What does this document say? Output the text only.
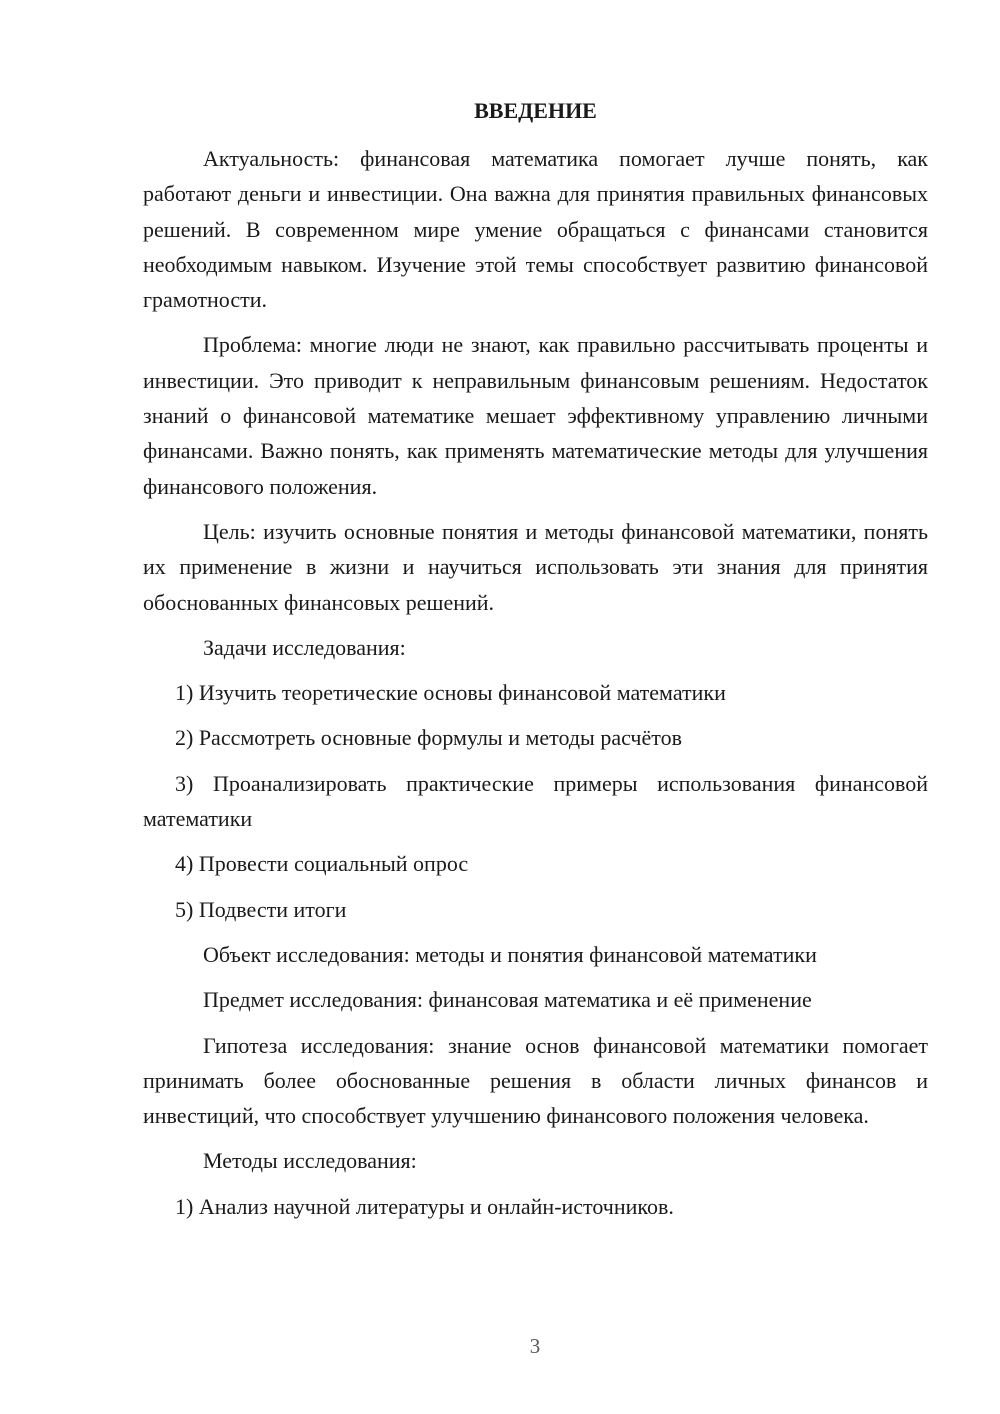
ВВЕДЕНИЕ

Актуальность: финансовая математика помогает лучше понять, как работают деньги и инвестиции. Она важна для принятия правильных финансовых решений. В современном мире умение обращаться с финансами становится необходимым навыком. Изучение этой темы способствует развитию финансовой грамотности.

Проблема: многие люди не знают, как правильно рассчитывать проценты и инвестиции. Это приводит к неправильным финансовым решениям. Недостаток знаний о финансовой математике мешает эффективному управлению личными финансами. Важно понять, как применять математические методы для улучшения финансового положения.

Цель: изучить основные понятия и методы финансовой математики, понять их применение в жизни и научиться использовать эти знания для принятия обоснованных финансовых решений.

Задачи исследования:

1) Изучить теоретические основы финансовой математики

2) Рассмотреть основные формулы и методы расчётов

3) Проанализировать практические примеры использования финансовой математики

4) Провести социальный опрос

5) Подвести итоги

Объект исследования: методы и понятия финансовой математики

Предмет исследования: финансовая математика и её применение

Гипотеза исследования: знание основ финансовой математики помогает принимать более обоснованные решения в области личных финансов и инвестиций, что способствует улучшению финансового положения человека.

Методы исследования:

1) Анализ научной литературы и онлайн-источников.

3
